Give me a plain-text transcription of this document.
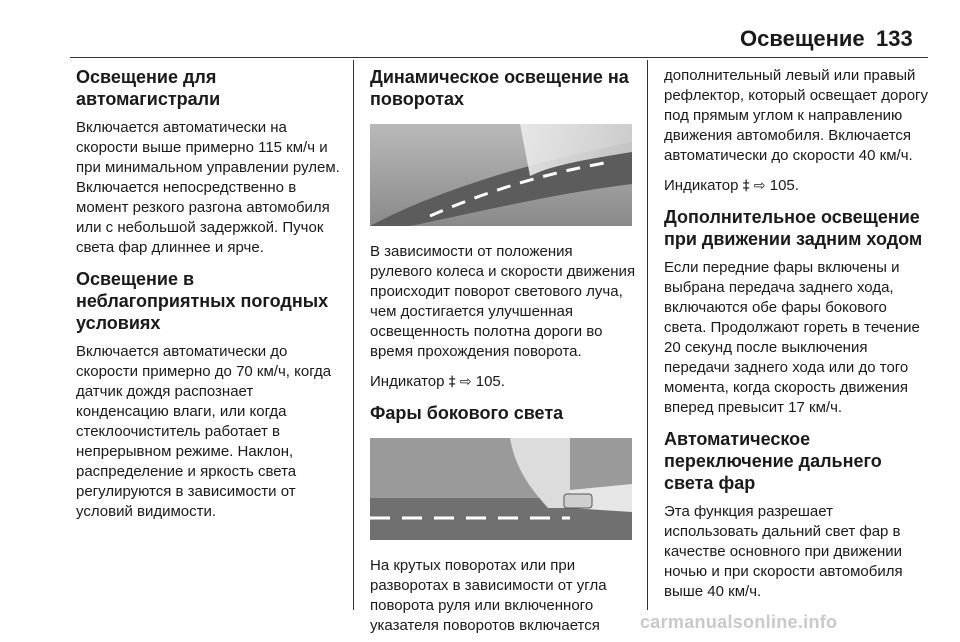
Освещение 133
Освещение для автомагистрали

Включается автоматически на скорости выше примерно 115 км/ч и при минимальном управлении рулем. Включается непосредственно в момент резкого разгона автомобиля или с небольшой задержкой. Пучок света фар длиннее и ярче.

Освещение в неблагоприятных погодных условиях

Включается автоматически до скорости примерно до 70 км/ч, когда датчик дождя распознает конденсацию влаги, или когда стеклоочиститель работает в непрерывном режиме. Наклон, распределение и яркость света регулируются в зависимости от условий видимости.

Динамическое освещение на поворотах

В зависимости от положения рулевого колеса и скорости движения происходит поворот светового луча, чем достигается улучшенная освещенность полотна дороги во время прохождения поворота.

Индикатор ‡ ⇨ 105.

Фары бокового света

На крутых поворотах или при разворотах в зависимости от угла поворота руля или включенного указателя поворотов включается

дополнительный левый или правый рефлектор, который освещает дорогу под прямым углом к направлению движения автомобиля. Включается автоматически до скорости 40 км/ч.

Индикатор ‡ ⇨ 105.

Дополнительное освещение при движении задним ходом

Если передние фары включены и выбрана передача заднего хода, включаются обе фары бокового света. Продолжают гореть в течение 20 секунд после выключения передачи заднего хода или до того момента, когда скорость движения вперед превысит 17 км/ч.

Автоматическое переключение дальнего света фар

Эта функция разрешает использовать дальний свет фар в качестве основного при движении ночью и при скорости автомобиля выше 40 км/ч.

carmanualsonline.info
